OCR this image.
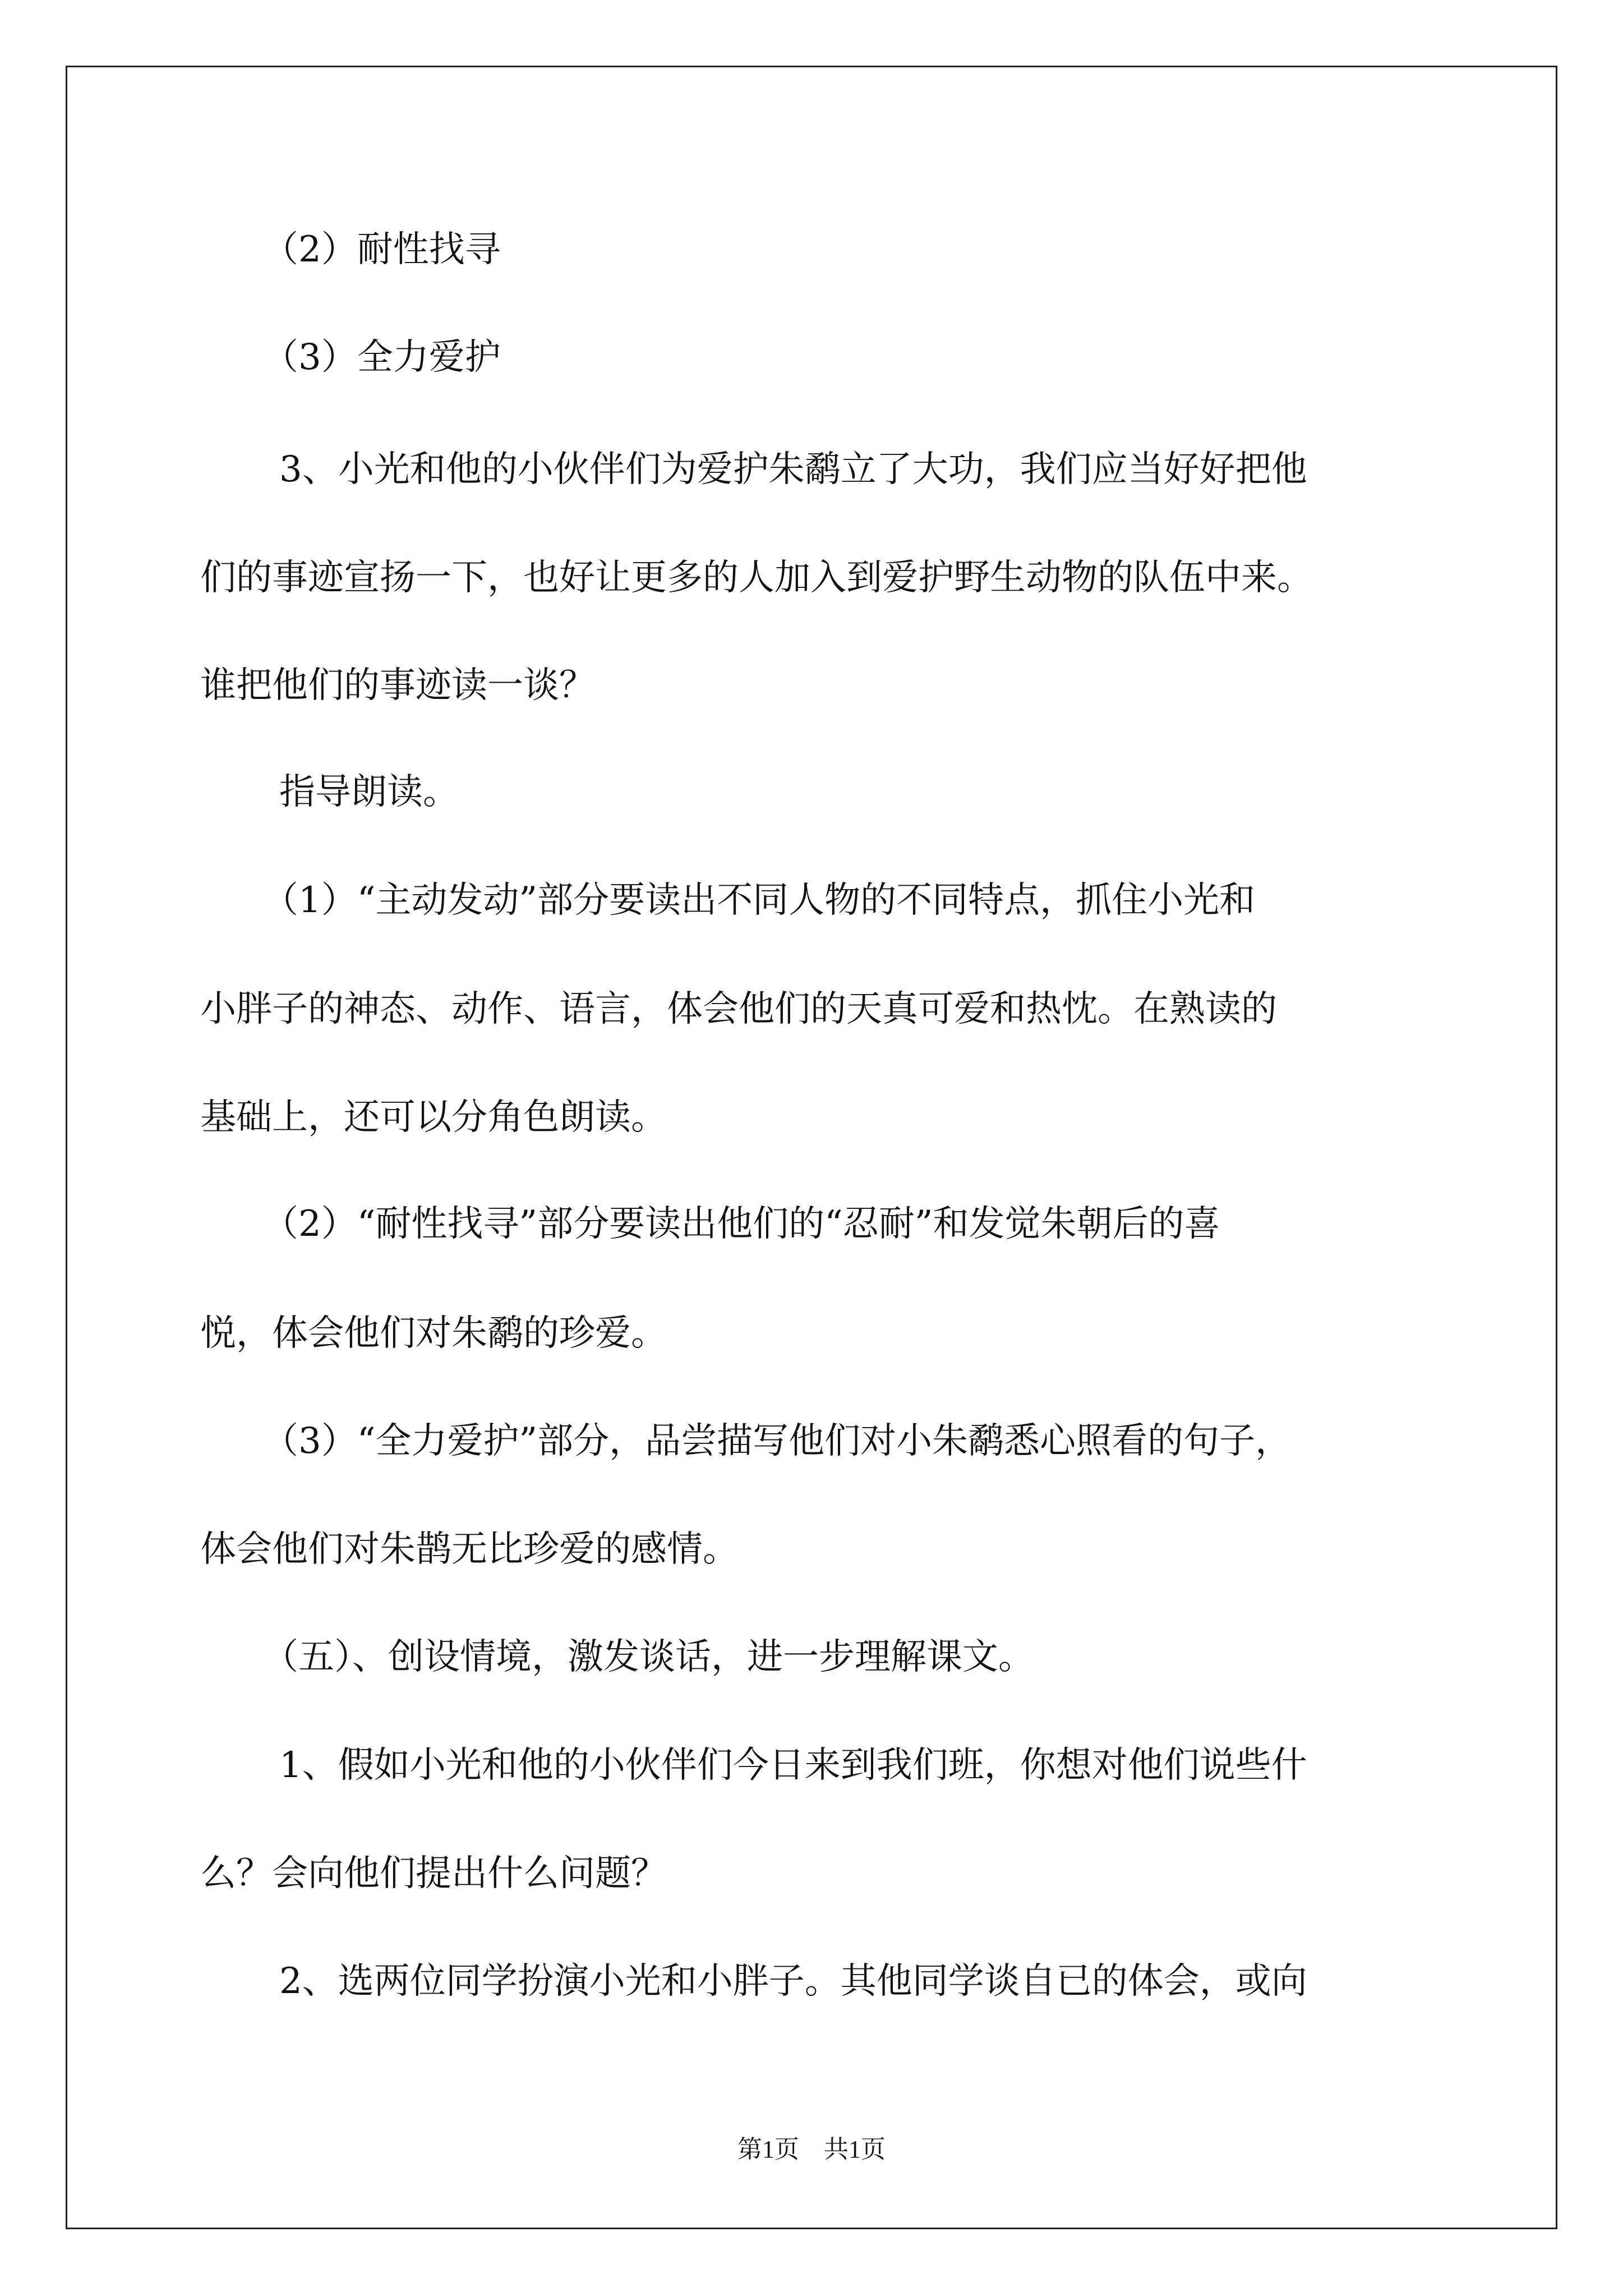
（2）耐性找寻
（3）全力爱护
3、小光和他的小伙伴们为爱护朱鹬立了大功，我们应当好好把他
们的事迹宣扬一下，也好让更多的人加入到爱护野生动物的队伍中来。
谁把他们的事迹读一谈？
指导朗读。
（1）“主动发动”部分要读出不同人物的不同特点，抓住小光和
小胖子的神态、动作、语言，体会他们的天真可爱和热忱。在熟读的
基础上，还可以分角色朗读。
（2）“耐性找寻”部分要读出他们的“忍耐”和发觉朱朝后的喜
悦，体会他们对朱鹬的珍爱。
（3）“全力爱护”部分，品尝描写他们对小朱鹬悉心照看的句子，
体会他们对朱鹊无比珍爱的感情。
（五）、创设情境，激发谈话，进一步理解课文。
1、假如小光和他的小伙伴们今日来到我们班，你想对他们说些什
么？会向他们提出什么问题？
2、选两位同学扮演小光和小胖子。其他同学谈自已的体会，或向
第1页　共1页
